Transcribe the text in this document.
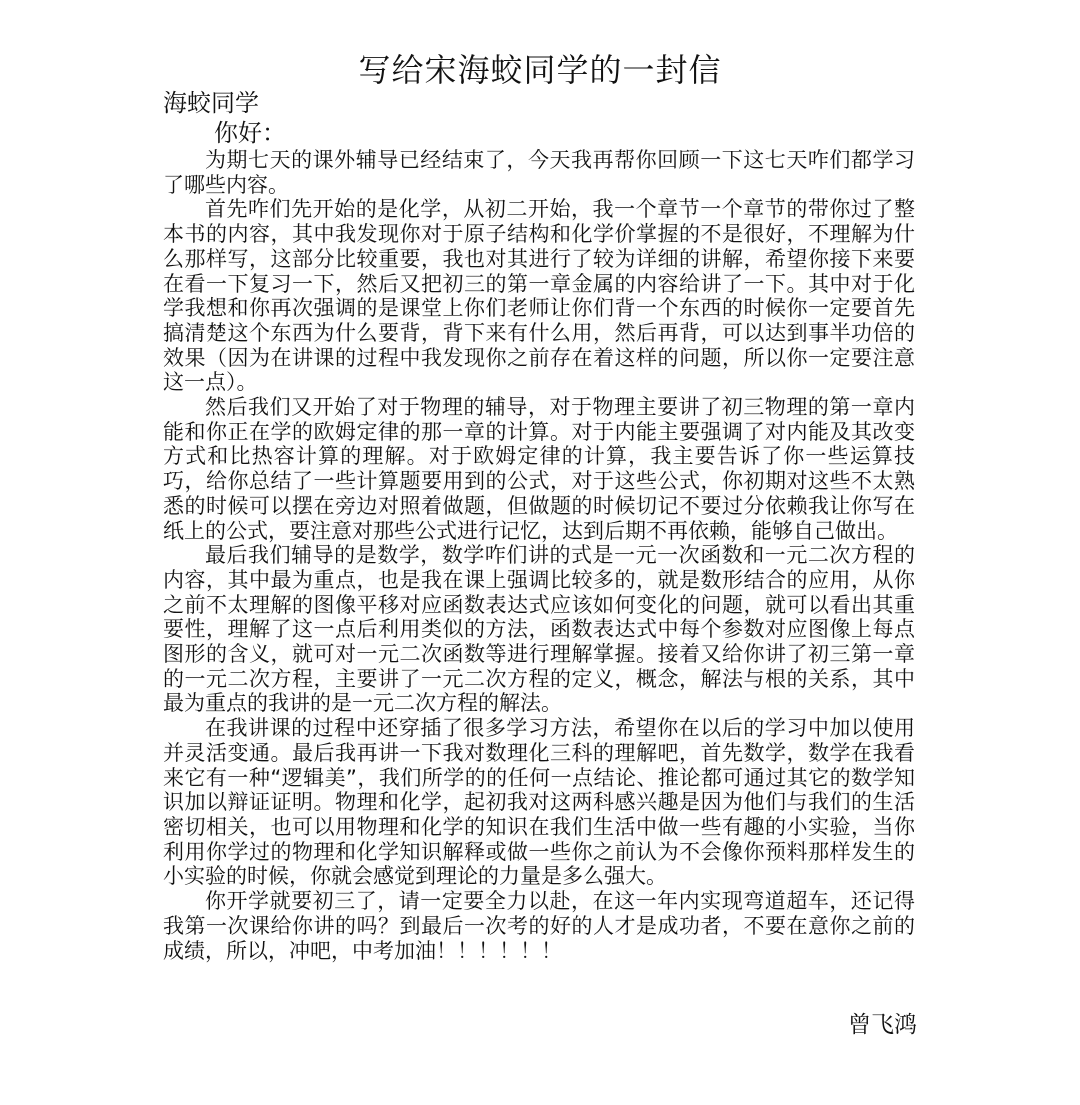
写给宋海蛟同学的一封信
海蛟同学
你好：

为期七天的课外辅导已经结束了，今天我再帮你回顾一下这七天咋们都学习了哪些内容。

首先咋们先开始的是化学，从初二开始，我一个章节一个章节的带你过了整本书的内容，其中我发现你对于原子结构和化学价掌握的不是很好，不理解为什么那样写，这部分比较重要，我也对其进行了较为详细的讲解，希望你接下来要在看一下复习一下，然后又把初三的第一章金属的内容给讲了一下。其中对于化学我想和你再次强调的是课堂上你们老师让你们背一个东西的时候你一定要首先搞清楚这个东西为什么要背，背下来有什么用，然后再背，可以达到事半功倍的效果（因为在讲课的过程中我发现你之前存在着这样的问题，所以你一定要注意这一点）。

然后我们又开始了对于物理的辅导，对于物理主要讲了初三物理的第一章内能和你正在学的欧姆定律的那一章的计算。对于内能主要强调了对内能及其改变方式和比热容计算的理解。对于欧姆定律的计算，我主要告诉了你一些运算技巧，给你总结了一些计算题要用到的公式，对于这些公式，你初期对这些不太熟悉的时候可以摆在旁边对照着做题，但做题的时候切记不要过分依赖我让你写在纸上的公式，要注意对那些公式进行记忆，达到后期不再依赖，能够自己做出。

最后我们辅导的是数学，数学咋们讲的式是一元一次函数和一元二次方程的内容，其中最为重点，也是我在课上强调比较多的，就是数形结合的应用，从你之前不太理解的图像平移对应函数表达式应该如何变化的问题，就可以看出其重要性，理解了这一点后利用类似的方法，函数表达式中每个参数对应图像上每点图形的含义，就可对一元二次函数等进行理解掌握。接着又给你讲了初三第一章的一元二次方程，主要讲了一元二次方程的定义，概念，解法与根的关系，其中最为重点的我讲的是一元二次方程的解法。

在我讲课的过程中还穿插了很多学习方法，希望你在以后的学习中加以使用并灵活变通。最后我再讲一下我对数理化三科的理解吧，首先数学，数学在我看来它有一种“逻辑美”，我们所学的的任何一点结论、推论都可通过其它的数学知识加以辩证证明。物理和化学，起初我对这两科感兴趣是因为他们与我们的生活密切相关，也可以用物理和化学的知识在我们生活中做一些有趣的小实验，当你利用你学过的物理和化学知识解释或做一些你之前认为不会像你预料那样发生的小实验的时候，你就会感觉到理论的力量是多么强大。

你开学就要初三了，请一定要全力以赴，在这一年内实现弯道超车，还记得我第一次课给你讲的吗？到最后一次考的好的人才是成功者，不要在意你之前的成绩，所以，冲吧，中考加油！！！！！！

曾飞鸿
